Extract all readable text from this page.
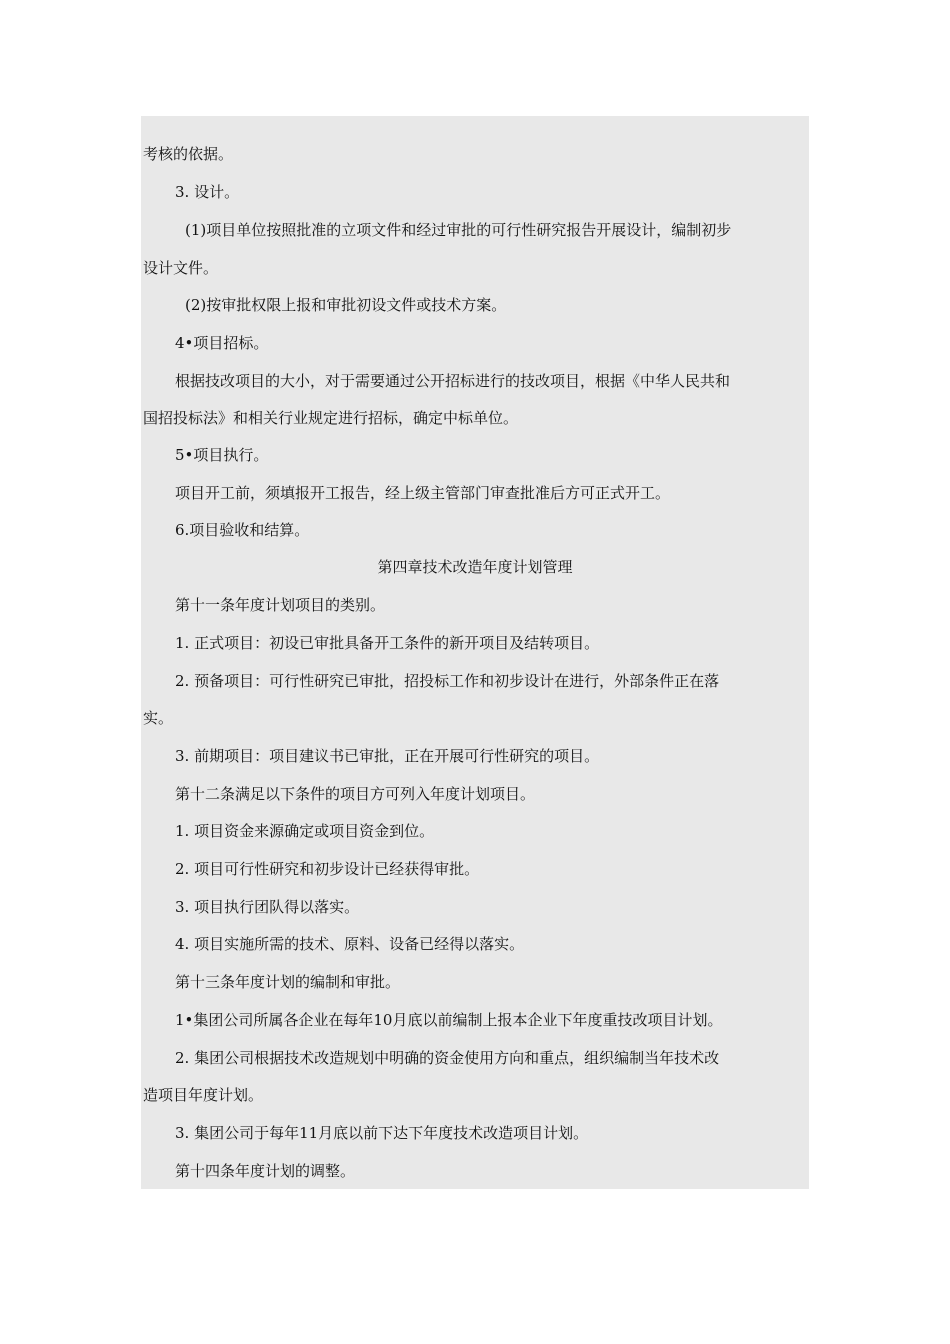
考核的依据。

3. 设计。

(1)项目单位按照批准的立项文件和经过审批的可行性研究报告开展设计，编制初步

设计文件。

(2)按审批权限上报和审批初设文件或技术方案。

4•项目招标。

根据技改项目的大小，对于需要通过公开招标进行的技改项目，根据《中华人民共和

国招投标法》和相关行业规定进行招标，确定中标单位。

5•项目执行。

项目开工前，须填报开工报告，经上级主管部门审查批准后方可正式开工。

6.项目验收和结算。

第四章技术改造年度计划管理

第十一条年度计划项目的类别。

1. 正式项目：初设已审批具备开工条件的新开项目及结转项目。

2. 预备项目：可行性研究已审批，招投标工作和初步设计在进行，外部条件正在落

实。

3. 前期项目：项目建议书已审批，正在开展可行性研究的项目。

第十二条满足以下条件的项目方可列入年度计划项目。

1. 项目资金来源确定或项目资金到位。

2. 项目可行性研究和初步设计已经获得审批。

3. 项目执行团队得以落实。

4. 项目实施所需的技术、原料、设备已经得以落实。

第十三条年度计划的编制和审批。

1•集团公司所属各企业在每年10月底以前编制上报本企业下年度重技改项目计划。

2. 集团公司根据技术改造规划中明确的资金使用方向和重点，组织编制当年技术改

造项目年度计划。

3. 集团公司于每年11月底以前下达下年度技术改造项目计划。

第十四条年度计划的调整。
